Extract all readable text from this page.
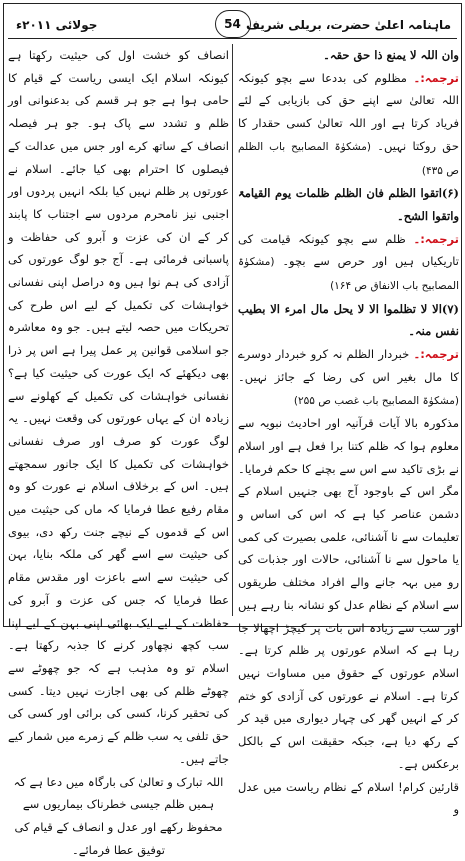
جولائی ۲۰۱۱ء	54 ماہنامہ اعلیٰ حضرت، بریلی شریف

وان اللہ لا یمنع ذا حق حقہ۔

ترجمہ:۔ مظلوم کی بددعا سے بچو کیونکہ اللہ تعالیٰ سے اپنے حق کی بازیابی کے لئے فریاد کرتا ہے اور اللہ تعالیٰ کسی حقدار کا حق روکتا نہیں۔ (مشکوٰۃ المصابیح باب الظلم ص ۴۳۵)

(۶)اتقوا الظلم فان الظلم ظلمات یوم القیامۃ واتقوا الشح۔

ترجمہ:۔ ظلم سے بچو کیونکہ قیامت کی تاریکیاں ہیں اور حرص سے بچو۔ (مشکوٰۃ المصابیح باب الانفاق ص ۱۶۴)

(۷)الا لا تظلموا الا لا یحل مال امرء الا بطیب نفس منہ۔

ترجمہ:۔ خبردار الظلم نہ کرو خبردار دوسرے کا مال بغیر اس کی رضا کے جائز نہیں۔ (مشکوٰۃ المصابیح باب غصب ص ۲۵۵)

مذکورہ بالا آیات قرآنیہ اور احادیث نبویہ سے معلوم ہوا کہ ظلم کتنا برا فعل ہے اور اسلام نے بڑی تاکید سے اس سے بچنے کا حکم فرمایا۔ مگر اس کے باوجود آج بھی جنہیں اسلام کے دشمن عناصر کیا ہے کہ اس کی اساس و تعلیمات سے نا آشنائی، علمی بصیرت کی کمی یا ماحول سے نا آشنائی، حالات اور جذبات کی رو میں بہہ جانے والے افراد مختلف طریقوں سے اسلام کے نظام عدل کو نشانہ بنا رہے ہیں اور سب سے زیادہ اس بات پر کیچڑ اچھالا جا رہا ہے کہ اسلام عورتوں پر ظلم کرتا ہے۔ اسلام عورتوں کے حقوق میں مساوات نہیں کرتا ہے۔ اسلام نے عورتوں کی آزادی کو ختم کر کے انہیں گھر کی چہار دیواری میں قید کر کے رکھ دیا ہے، جبکہ حقیقت اس کے بالکل برعکس ہے۔

قارئین کرام! اسلام کے نظام ریاست میں عدل و

انصاف کو خشت اول کی حیثیت رکھتا ہے کیونکہ اسلام ایک ایسی ریاست کے قیام کا حامی ہوا ہے جو ہر قسم کی بدعنوانی اور ظلم و تشدد سے پاک ہو۔ جو ہر فیصلہ انصاف کے ساتھ کرے اور جس میں عدالت کے فیصلوں کا احترام بھی کیا جائے۔ اسلام نے عورتوں پر ظلم نہیں کیا بلکہ انہیں پردوں اور اجنبی نیز نامحرم مردوں سے اجتناب کا پابند کر کے ان کی عزت و آبرو کی حفاظت و پاسبانی فرمائی ہے۔ آج جو لوگ عورتوں کی آزادی کی ہم نوا ہیں وہ دراصل اپنی نفسانی خواہشات کی تکمیل کے لیے اس طرح کی تحریکات میں حصہ لیتے ہیں۔ جو وہ معاشرہ جو اسلامی قوانین پر عمل پیرا ہے اس پر ذرا بھی دیکھئے کہ ایک عورت کی حیثیت کیا ہے؟ نفسانی خواہشات کی تکمیل کے کھلونے سے زیادہ ان کے یہاں عورتوں کی وقعت نہیں۔ یہ لوگ عورت کو صرف اور صرف نفسانی خواہشات کی تکمیل کا ایک جانور سمجھتے ہیں۔ اس کے برخلاف اسلام نے عورت کو وہ مقام رفیع عطا فرمایا کہ ماں کی حیثیت میں اس کے قدموں کے نیچے جنت رکھ دی، بیوی کی حیثیت سے اسے گھر کی ملکہ بنایا، بہن کی حیثیت سے اسے باعزت اور مقدس مقام عطا فرمایا کہ جس کی عزت و آبرو کی حفاظت کے لیے ایک بھائی اپنی بہن کے لیے اپنا سب کچھ نچھاور کرنے کا جذبہ رکھتا ہے۔ اسلام تو وہ مذہب ہے کہ جو چھوٹے سے چھوٹے ظلم کی بھی اجازت نہیں دیتا۔ کسی کی تحقیر کرنا، کسی کی برائی اور کسی کی حق تلفی یہ سب ظلم کے زمرے میں شمار کیے جاتے ہیں۔

اللہ تبارک و تعالیٰ کی بارگاہ میں دعا ہے کہ ہمیں ظلم جیسی خطرناک بیماریوں سے محفوظ رکھے اور عدل و انصاف کے قیام کی توفیق عطا فرمائے۔
